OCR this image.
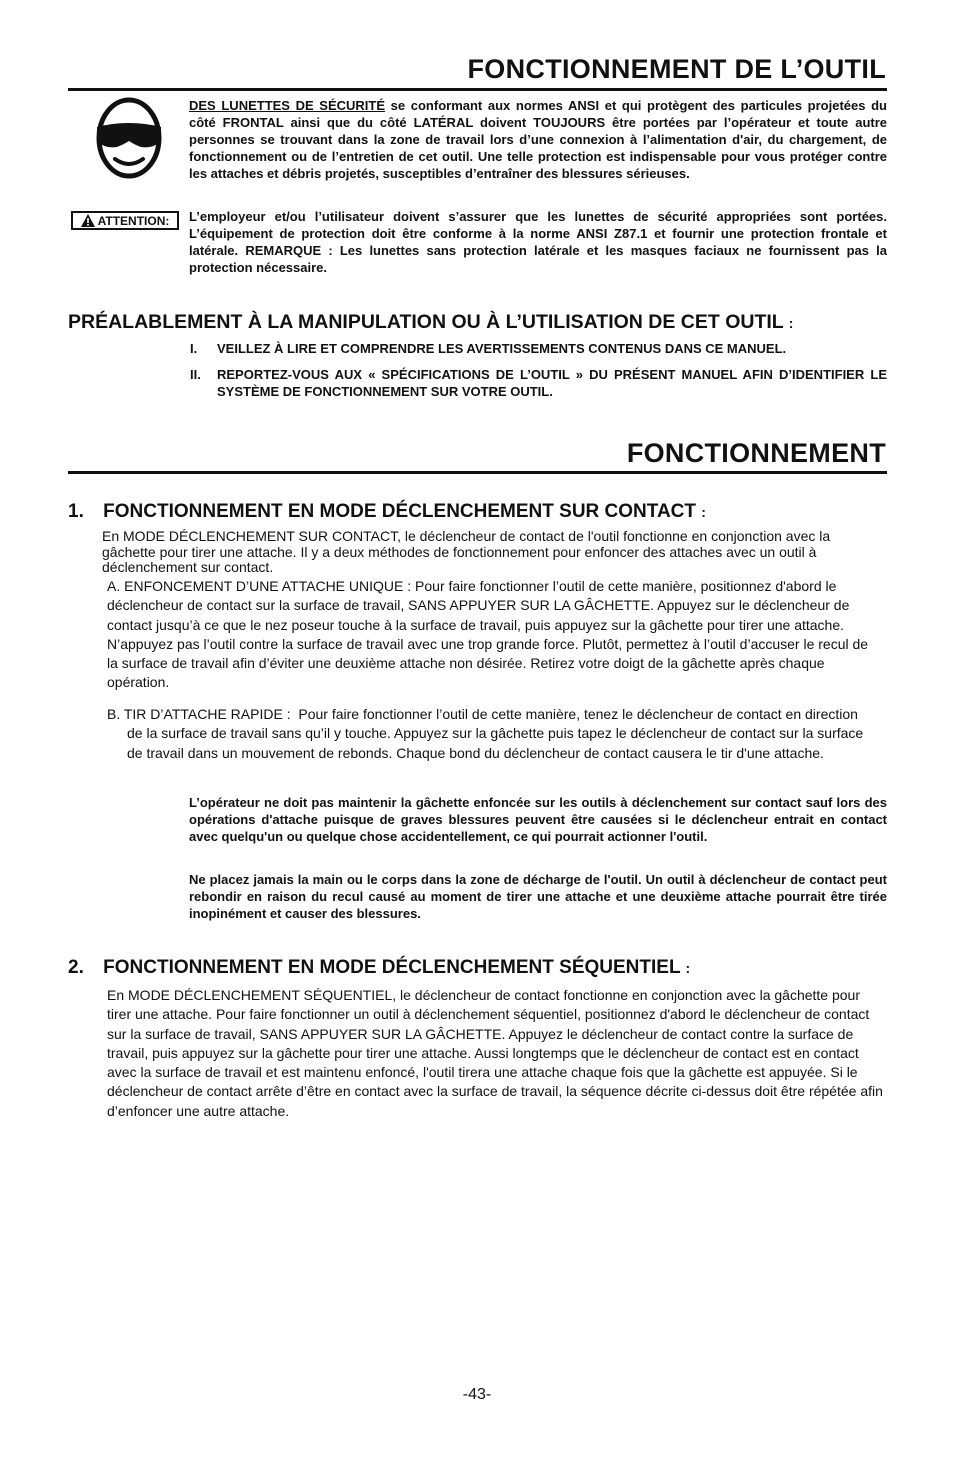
FONCTIONNEMENT DE L’OUTIL
DES LUNETTES DE SÉCURITÉ se conformant aux normes ANSI et qui protègent des particules projetées du côté FRONTAL ainsi que du côté LATÉRAL doivent TOUJOURS être portées par l’opérateur et toute autre personnes se trouvant dans la zone de travail lors d’une connexion à l’alimentation d'air, du chargement, de fonctionnement ou de l’entretien de cet outil. Une telle protection est indispensable pour vous protéger contre les attaches et débris projetés, susceptibles d’entraîner des blessures sérieuses.
ATTENTION: L’employeur et/ou l’utilisateur doivent s’assurer que les lunettes de sécurité appropriées sont portées. L’équipement de protection doit être conforme à la norme ANSI Z87.1 et fournir une protection frontale et latérale. REMARQUE : Les lunettes sans protection latérale et les masques faciaux ne fournissent pas la protection nécessaire.
PRÉALABLEMENT À LA MANIPULATION OU À L’UTILISATION DE CET OUTIL :
I. VEILLEZ À LIRE ET COMPRENDRE LES AVERTISSEMENTS CONTENUS DANS CE MANUEL.
II. REPORTEZ-VOUS AUX « SPÉCIFICATIONS DE L’OUTIL » DU PRÉSENT MANUEL AFIN D’IDENTIFIER LE SYSTÈME DE FONCTIONNEMENT SUR VOTRE OUTIL.
FONCTIONNEMENT
1. FONCTIONNEMENT EN MODE DÉCLENCHEMENT SUR CONTACT :
En MODE DÉCLENCHEMENT SUR CONTACT, le déclencheur de contact de l'outil fonctionne en conjonction avec la gâchette pour tirer une attache. Il y a deux méthodes de fonctionnement pour enfoncer des attaches avec un outil à déclenchement sur contact.
A. ENFONCEMENT D’UNE ATTACHE UNIQUE : Pour faire fonctionner l’outil de cette manière, positionnez d'abord le déclencheur de contact sur la surface de travail, SANS APPUYER SUR LA GÂCHETTE. Appuyez sur le déclencheur de contact jusqu’à ce que le nez poseur touche à la surface de travail, puis appuyez sur la gâchette pour tirer une attache. N’appuyez pas l’outil contre la surface de travail avec une trop grande force. Plutôt, permettez à l’outil d’accuser le recul de la surface de travail afin d’éviter une deuxième attache non désirée. Retirez votre doigt de la gâchette après chaque opération.
B. TIR D’ATTACHE RAPIDE : Pour faire fonctionner l’outil de cette manière, tenez le déclencheur de contact en direction de la surface de travail sans qu’il y touche. Appuyez sur la gâchette puis tapez le déclencheur de contact sur la surface de travail dans un mouvement de rebonds. Chaque bond du déclencheur de contact causera le tir d'une attache.
L’opérateur ne doit pas maintenir la gâchette enfoncée sur les outils à déclenchement sur contact sauf lors des opérations d'attache puisque de graves blessures peuvent être causées si le déclencheur entrait en contact avec quelqu'un ou quelque chose accidentellement, ce qui pourrait actionner l'outil.
Ne placez jamais la main ou le corps dans la zone de décharge de l'outil. Un outil à déclencheur de contact peut rebondir en raison du recul causé au moment de tirer une attache et une deuxième attache pourrait être tirée inopinément et causer des blessures.
2. FONCTIONNEMENT EN MODE DÉCLENCHEMENT SÉQUENTIEL :
En MODE DÉCLENCHEMENT SÉQUENTIEL, le déclencheur de contact fonctionne en conjonction avec la gâchette pour tirer une attache. Pour faire fonctionner un outil à déclenchement séquentiel, positionnez d'abord le déclencheur de contact sur la surface de travail, SANS APPUYER SUR LA GÂCHETTE. Appuyez le déclencheur de contact contre la surface de travail, puis appuyez sur la gâchette pour tirer une attache. Aussi longtemps que le déclencheur de contact est en contact avec la surface de travail et est maintenu enfoncé, l'outil tirera une attache chaque fois que la gâchette est appuyée. Si le déclencheur de contact arrête d’être en contact avec la surface de travail, la séquence décrite ci-dessus doit être répétée afin d’enfoncer une autre attache.
-43-
